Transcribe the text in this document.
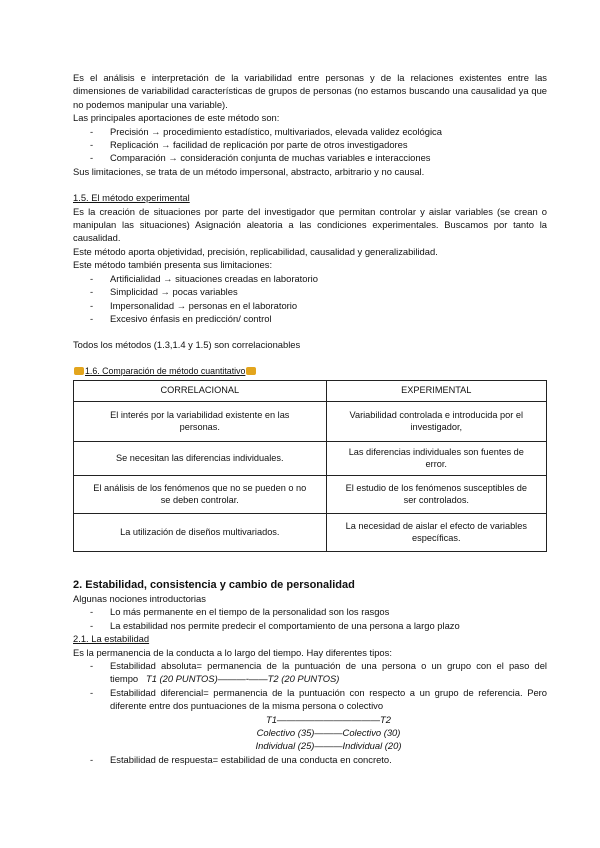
Es el análisis e interpretación de la variabilidad entre personas y de la relaciones existentes entre las dimensiones de variabilidad características de grupos de personas (no estamos buscando una causalidad ya que no podemos manipular una variable).

Las principales aportaciones de este método son:

- Precisión → procedimiento estadístico, multivariados, elevada validez ecológica
- Replicación → facilidad de replicación por parte de otros investigadores
- Comparación → consideración conjunta de muchas variables e interacciones

Sus limitaciones, se trata de un método impersonal, abstracto, arbitrario y no causal.

1.5. El método experimental

Es la creación de situaciones por parte del investigador que permitan controlar y aislar variables (se crean o manipulan las situaciones) Asignación aleatoria a las condiciones experimentales. Buscamos por tanto la causalidad.

Este método aporta objetividad, precisión, replicabilidad, causalidad y generalizabilidad.

Este método también presenta sus limitaciones:

- Artificialidad → situaciones creadas en laboratorio
- Simplicidad → pocas variables
- Impersonalidad → personas en el laboratorio
- Excesivo énfasis en predicción/ control

Todos los métodos (1.3,1.4 y 1.5) son correlacionables

1.6. Comparación de método cuantitativo

CORRELACIONAL	EXPERIMENTAL
El interés por la variabilidad existente en las personas.	Variabilidad controlada e introducida por el investigador,
Se necesitan las diferencias individuales.	Las diferencias individuales son fuentes de error.
El análisis de los fenómenos que no se pueden o no se deben controlar.	El estudio de los fenómenos susceptibles de ser controlados.
La utilización de diseños multivariados.	La necesidad de aislar el efecto de variables específicas.

2. Estabilidad, consistencia y cambio de personalidad

Algunas nociones introductorias

- Lo más permanente en el tiempo de la personalidad son los rasgos
- La estabilidad nos permite predecir el comportamiento de una persona a largo plazo

2.1. La estabilidad

Es la permanencia de la conducta a lo largo del tiempo. Hay diferentes tipos:

- Estabilidad absoluta= permanencia de la puntuación de una persona o un grupo con el paso del tiempo T1 (20 PUNTOS)———-——T2 (20 PUNTOS)
- Estabilidad diferencial= permanencia de la puntuación con respecto a un grupo de referencia. Pero diferente entre dos puntuaciones de la misma persona o colectivo

T1———————————T2

Colectivo (35)———Colectivo (30)

Individual (25)———Individual (20)

- Estabilidad de respuesta= estabilidad de una conducta en concreto.
